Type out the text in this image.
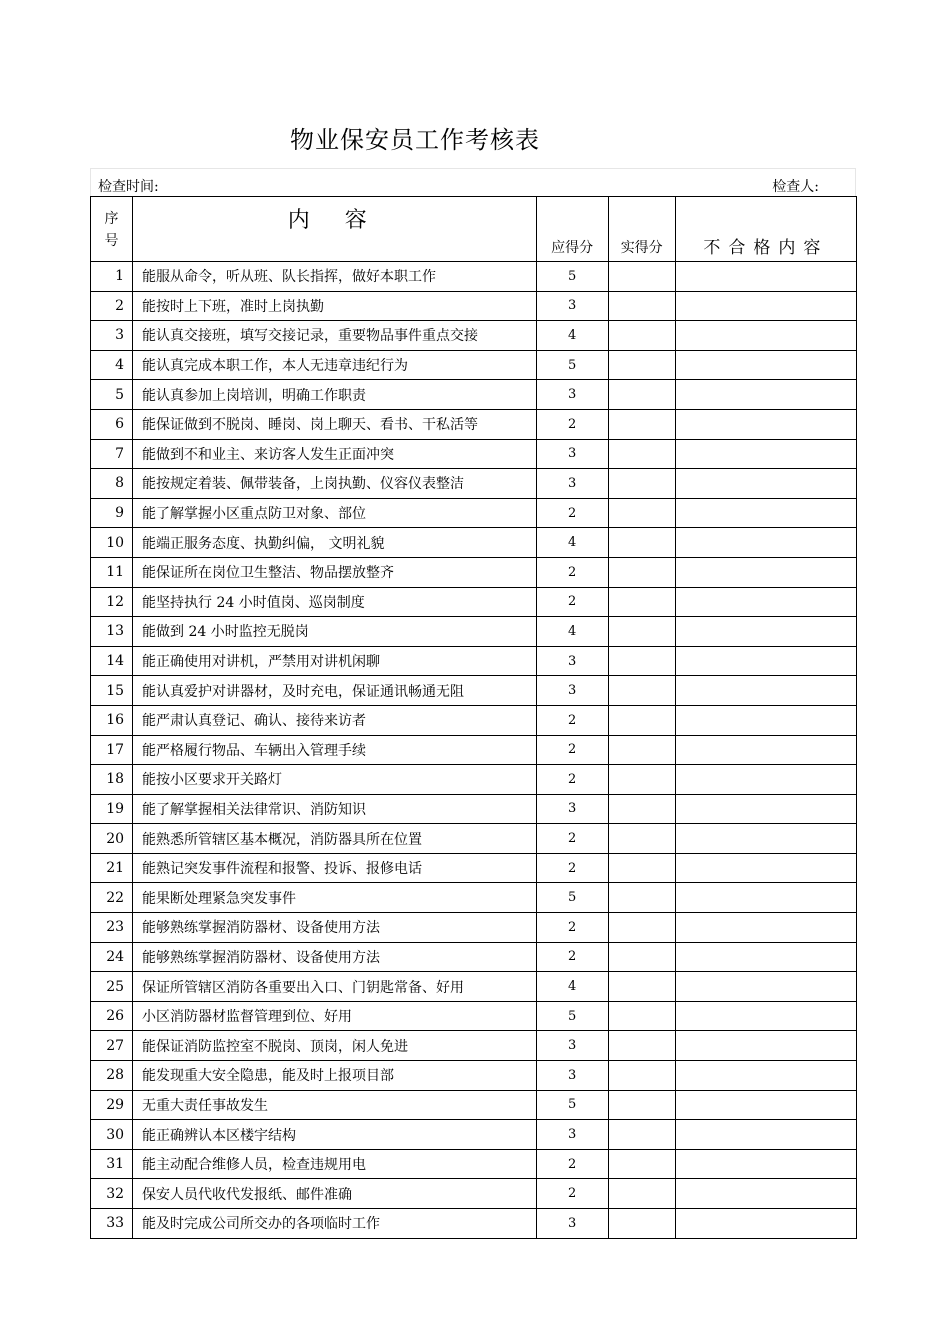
物业保安员工作考核表
检查时间:	检查人:
序
号	内 容	应得分	实得分	不合格内容
1	能服从命令，听从班、队长指挥，做好本职工作	5		
2	能按时上下班，准时上岗执勤	3		
3	能认真交接班，填写交接记录，重要物品事件重点交接	4		
4	能认真完成本职工作，本人无违章违纪行为	5		
5	能认真参加上岗培训，明确工作职责	3		
6	能保证做到不脱岗、睡岗、岗上聊天、看书、干私活等	2		
7	能做到不和业主、来访客人发生正面冲突	3		
8	能按规定着装、佩带装备，上岗执勤、仪容仪表整洁	3		
9	能了解掌握小区重点防卫对象、部位	2		
10	能端正服务态度、执勤纠偏， 文明礼貌	4		
11	能保证所在岗位卫生整洁、物品摆放整齐	2		
12	能坚持执行 24 小时值岗、巡岗制度	2		
13	能做到 24 小时监控无脱岗	4		
14	能正确使用对讲机，严禁用对讲机闲聊	3		
15	能认真爱护对讲器材，及时充电，保证通讯畅通无阻	3		
16	能严肃认真登记、确认、接待来访者	2		
17	能严格履行物品、车辆出入管理手续	2		
18	能按小区要求开关路灯	2		
19	能了解掌握相关法律常识、消防知识	3		
20	能熟悉所管辖区基本概况，消防器具所在位置	2		
21	能熟记突发事件流程和报警、投诉、报修电话	2		
22	能果断处理紧急突发事件	5		
23	能够熟练掌握消防器材、设备使用方法	2		
24	能够熟练掌握消防器材、设备使用方法	2		
25	保证所管辖区消防各重要出入口、门钥匙常备、好用	4		
26	小区消防器材监督管理到位、好用	5		
27	能保证消防监控室不脱岗、顶岗，闲人免进	3		
28	能发现重大安全隐患，能及时上报项目部	3		
29	无重大责任事故发生	5		
30	能正确辨认本区楼宇结构	3		
31	能主动配合维修人员，检查违规用电	2		
32	保安人员代收代发报纸、邮件准确	2		
33	能及时完成公司所交办的各项临时工作	3		
